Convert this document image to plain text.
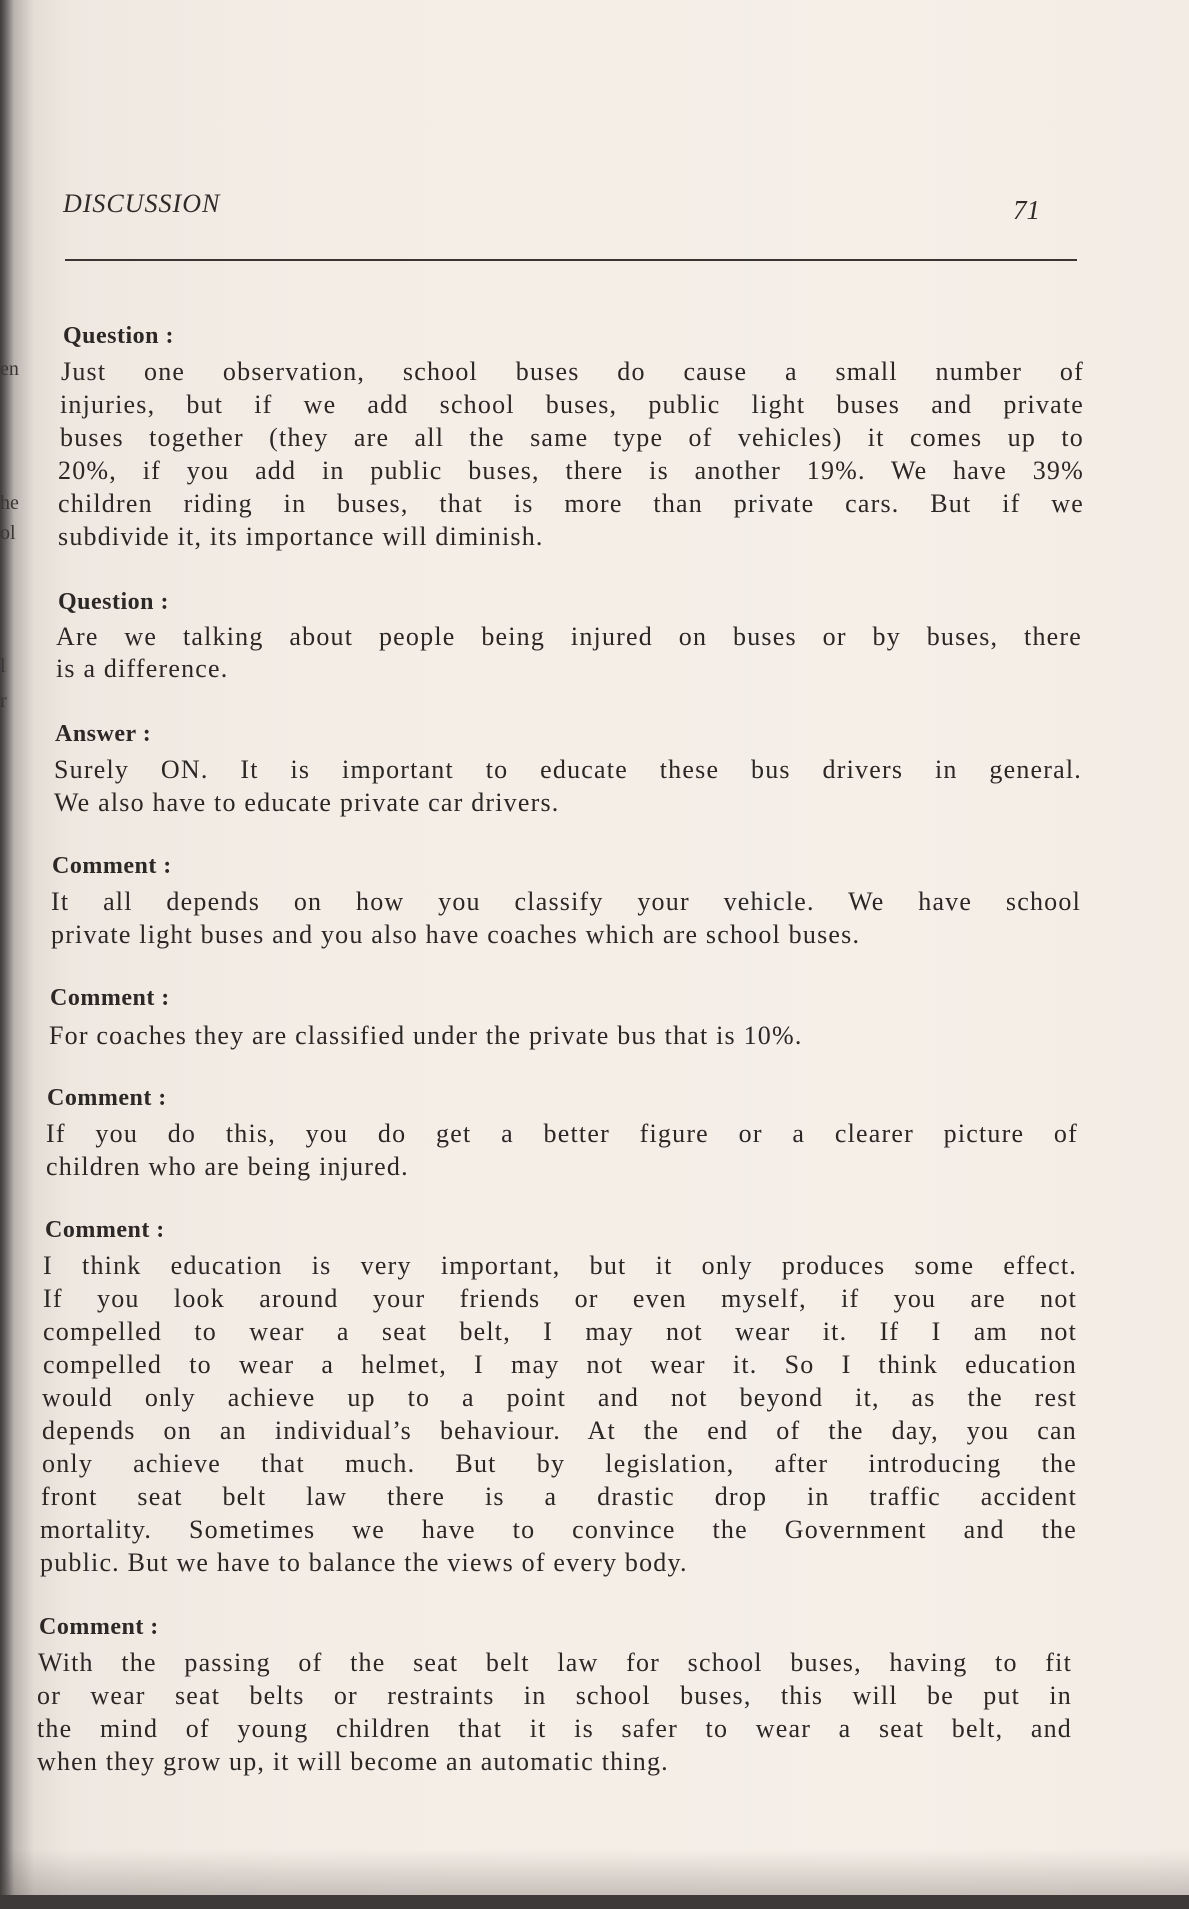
en
he
ol
l
r
DISCUSSION	71
Question :
Just one observation, school buses do cause a small number of
injuries, but if we add school buses, public light buses and private
buses together (they are all the same type of vehicles) it comes up to
20%, if you add in public buses, there is another 19%. We have 39%
children riding in buses, that is more than private cars. But if we
subdivide it, its importance will diminish.
Question :
Are we talking about people being injured on buses or by buses, there
is a difference.
Answer :
Surely ON. It is important to educate these bus drivers in general.
We also have to educate private car drivers.
Comment :
It all depends on how you classify your vehicle. We have school
private light buses and you also have coaches which are school buses.
Comment :
For coaches they are classified under the private bus that is 10%.
Comment :
If you do this, you do get a better figure or a clearer picture of
children who are being injured.
Comment :
I think education is very important, but it only produces some effect.
If you look around your friends or even myself, if you are not
compelled to wear a seat belt, I may not wear it. If I am not
compelled to wear a helmet, I may not wear it. So I think education
would only achieve up to a point and not beyond it, as the rest
depends on an individual’s behaviour. At the end of the day, you can
only achieve that much. But by legislation, after introducing the
front seat belt law there is a drastic drop in traffic accident
mortality. Sometimes we have to convince the Government and the
public. But we have to balance the views of every body.
Comment :
With the passing of the seat belt law for school buses, having to fit
or wear seat belts or restraints in school buses, this will be put in
the mind of young children that it is safer to wear a seat belt, and
when they grow up, it will become an automatic thing.
